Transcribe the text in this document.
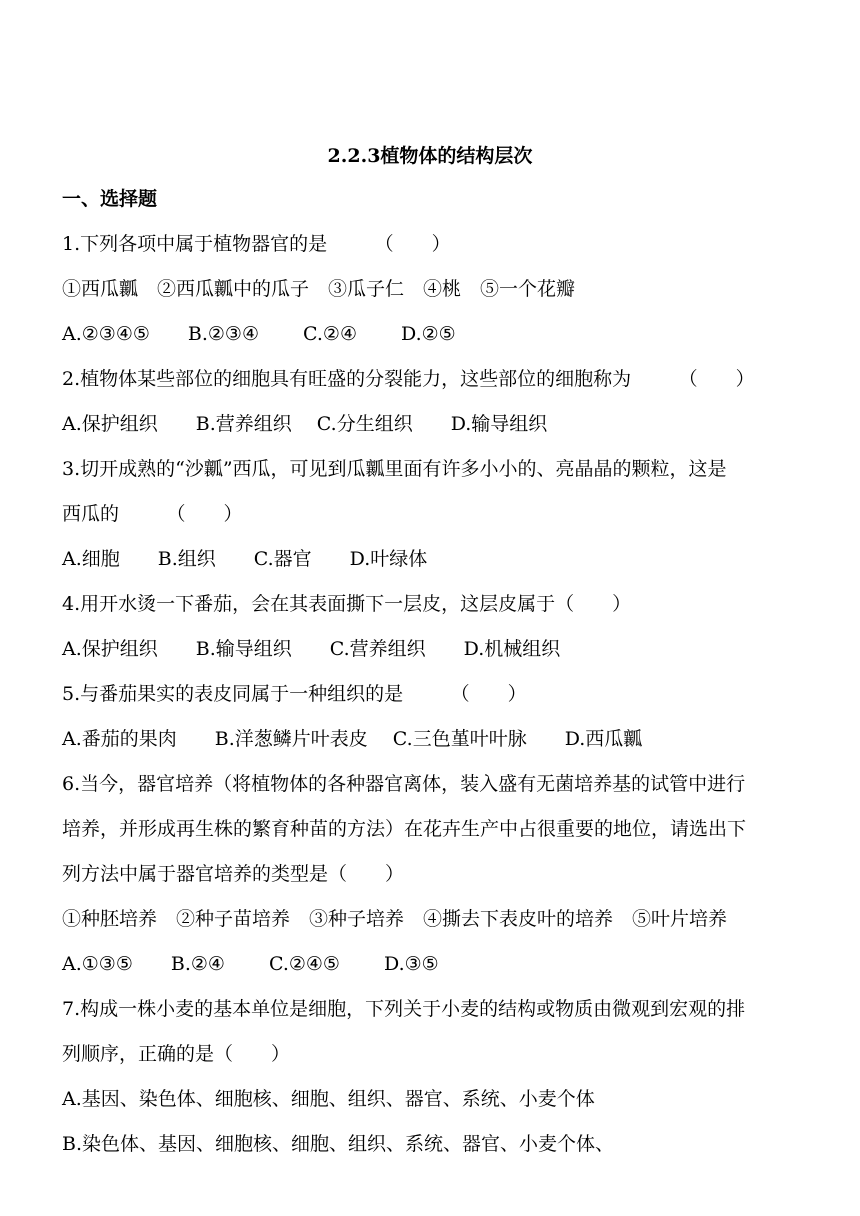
2.2.3植物体的结构层次
一、选择题
1.下列各项中属于植物器官的是　　　（　　）
①西瓜瓤　②西瓜瓤中的瓜子　③瓜子仁　④桃　⑤一个花瓣
A.②③④⑤　　B.②③④　　 C.②④　　 D.②⑤
2.植物体某些部位的细胞具有旺盛的分裂能力，这些部位的细胞称为　　　（　　）
A.保护组织　　B.营养组织　 C.分生组织　　D.输导组织
3.切开成熟的“沙瓤”西瓜，可见到瓜瓤里面有许多小小的、亮晶晶的颗粒，这是
西瓜的　　　（　　）
A.细胞　　B.组织　　C.器官　　D.叶绿体
4.用开水烫一下番茄，会在其表面撕下一层皮，这层皮属于（　　）
A.保护组织　　B.输导组织　　C.营养组织　　D.机械组织
5.与番茄果实的表皮同属于一种组织的是　　　（　　）
A.番茄的果肉　　B.洋葱鳞片叶表皮　 C.三色堇叶叶脉　　D.西瓜瓤
6.当今，器官培养（将植物体的各种器官离体，装入盛有无菌培养基的试管中进行
培养，并形成再生株的繁育种苗的方法）在花卉生产中占很重要的地位，请选出下
列方法中属于器官培养的类型是（　　）
①种胚培养　②种子苗培养　③种子培养　④撕去下表皮叶的培养　⑤叶片培养
A.①③⑤　　B.②④　　 C.②④⑤　　 D.③⑤
7.构成一株小麦的基本单位是细胞，下列关于小麦的结构或物质由微观到宏观的排
列顺序，正确的是（　　）
A.基因、染色体、细胞核、细胞、组织、器官、系统、小麦个体
B.染色体、基因、细胞核、细胞、组织、系统、器官、小麦个体、
